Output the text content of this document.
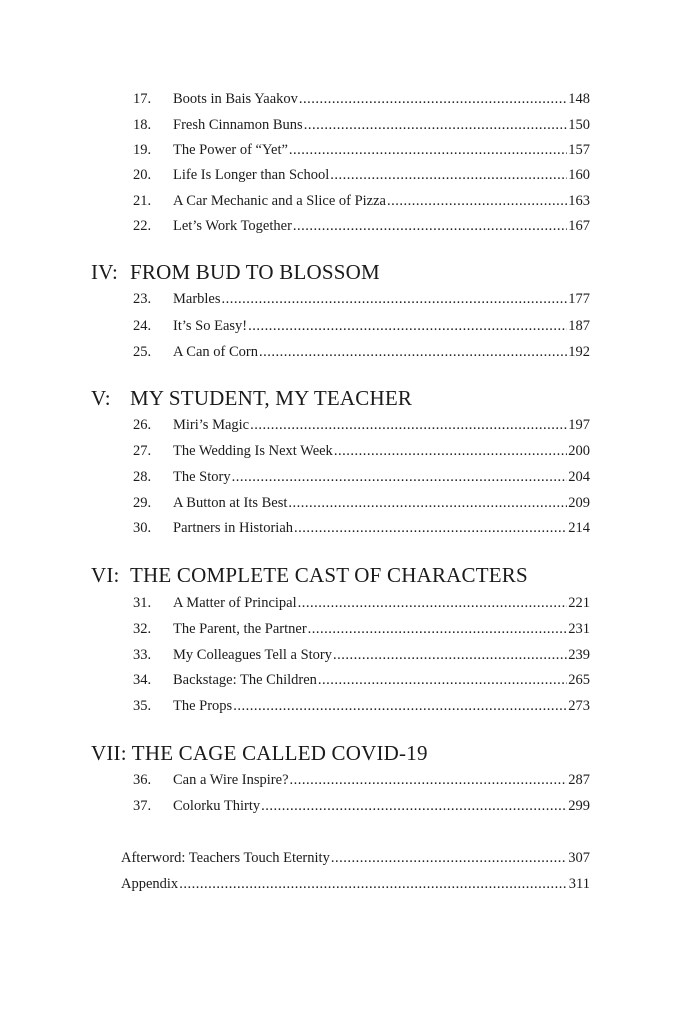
17.	Boots in Bais Yaakov .....	148
18.	Fresh Cinnamon Buns .....	150
19.	The Power of “Yet” .....	157
20.	Life Is Longer than School .....	160
21.	A Car Mechanic and a Slice of Pizza .....	163
22.	Let’s Work Together .....	167
IV: FROM BUD TO BLOSSOM
23.	Marbles .....	177
24.	It’s So Easy! .....	187
25.	A Can of Corn .....	192
V: MY STUDENT, MY TEACHER
26.	Miri’s Magic .....	197
27.	The Wedding Is Next Week .....	200
28.	The Story .....	204
29.	A Button at Its Best .....	209
30.	Partners in Historiah .....	214
VI: THE COMPLETE CAST OF CHARACTERS
31.	A Matter of Principal .....	221
32.	The Parent, the Partner .....	231
33.	My Colleagues Tell a Story .....	239
34.	Backstage: The Children .....	265
35.	The Props .....	273
VII: THE CAGE CALLED COVID-19
36.	Can a Wire Inspire? .....	287
37.	Colorku Thirty .....	299
Afterword: Teachers Touch Eternity .....	307
Appendix .....	311
